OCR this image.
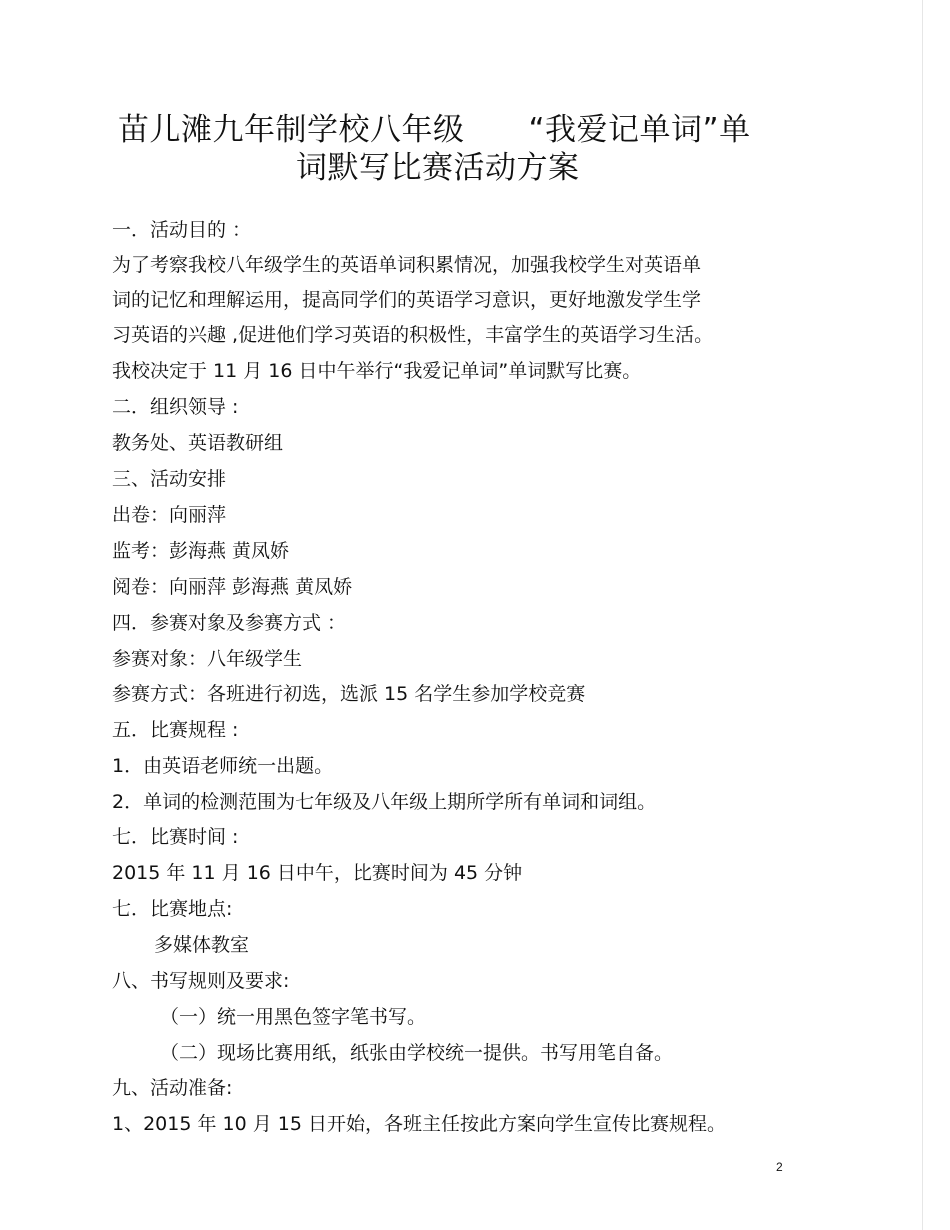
苗儿滩九年制学校八年级 “我爱记单词”单
词默写比赛活动方案
一．活动目的 ：
为了考察我校八年级学生的英语单词积累情况，加强我校学生对英语单
词的记忆和理解运用，提高同学们的英语学习意识，更好地激发学生学
习英语的兴趣 ,促进他们学习英语的积极性，丰富学生的英语学习生活。
我校决定于 11 月 16 日中午举行“我爱记单词”单词默写比赛。
二．组织领导 :
教务处、英语教研组
三、活动安排
出卷：向丽萍
监考：彭海燕 黄凤娇
阅卷：向丽萍 彭海燕 黄凤娇
四．参赛对象及参赛方式 ：
参赛对象：八年级学生
参赛方式：各班进行初选，选派 15 名学生参加学校竞赛
五．比赛规程 :
1．由英语老师统一出题。
2．单词的检测范围为七年级及八年级上期所学所有单词和词组。
七．比赛时间 :
2015 年 11 月 16 日中午，比赛时间为 45 分钟
七．比赛地点:
多媒体教室
八、书写规则及要求:
（一）统一用黑色签字笔书写。
（二）现场比赛用纸，纸张由学校统一提供。书写用笔自备。
九、活动准备:
1、2015 年 10 月 15 日开始，各班主任按此方案向学生宣传比赛规程。
2
